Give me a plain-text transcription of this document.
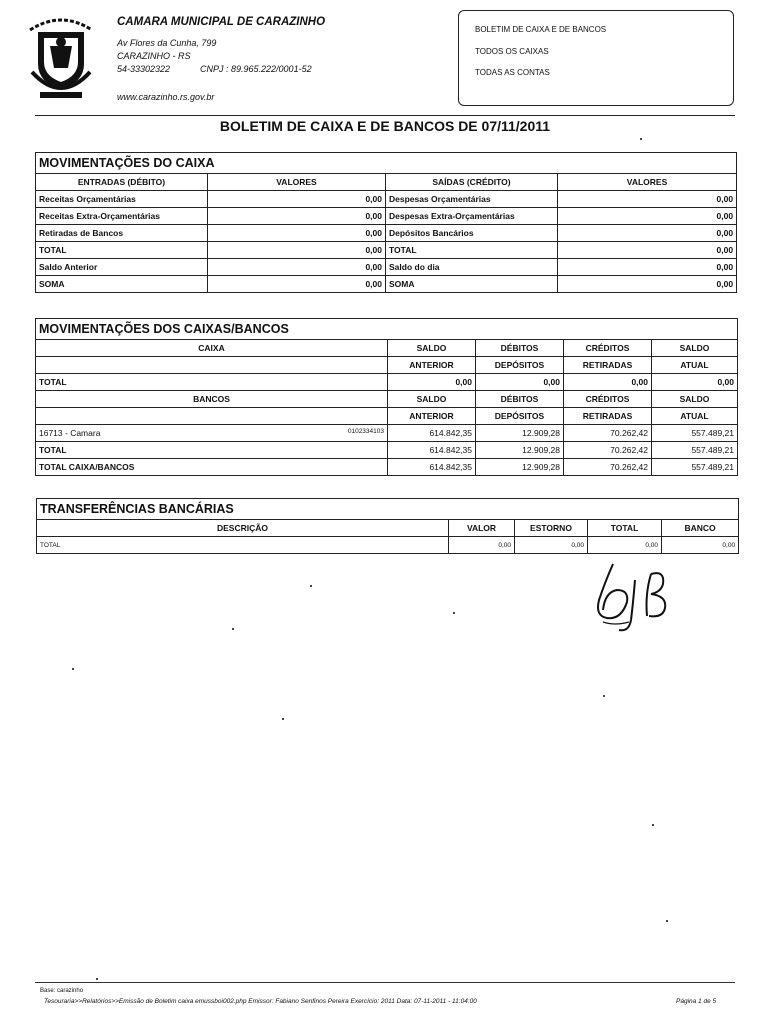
CAMARA MUNICIPAL DE CARAZINHO
Av Flores da Cunha, 799
CARAZINHO - RS
54-33302322	CNPJ : 89.965.222/0001-52
www.carazinho.rs.gov.br
BOLETIM DE CAIXA E DE BANCOS
TODOS OS CAIXAS
TODAS AS CONTAS
BOLETIM DE CAIXA E DE BANCOS DE 07/11/2011
MOVIMENTAÇÕES DO CAIXA			
ENTRADAS (DÉBITO)	VALORES	SAÍDAS (CRÉDITO)	VALORES
Receitas Orçamentárias	0,00	Despesas Orçamentárias	0,00
Receitas Extra-Orçamentárias	0,00	Despesas Extra-Orçamentárias	0,00
Retiradas de Bancos	0,00	Depósitos Bancários	0,00
TOTAL	0,00	TOTAL	0,00
Saldo Anterior	0,00	Saldo do dia	0,00
SOMA	0,00	SOMA	0,00
MOVIMENTAÇÕES DOS CAIXAS/BANCOS				
CAIXA	SALDO	DÉBITOS	CRÉDITOS	SALDO
	ANTERIOR	DEPÓSITOS	RETIRADAS	ATUAL
TOTAL	0,00	0,00	0,00	0,00
BANCOS	SALDO	DÉBITOS	CRÉDITOS	SALDO
	ANTERIOR	DEPÓSITOS	RETIRADAS	ATUAL
16713 - Camara 0102334103	614.842,35	12.909,28	70.262,42	557.489,21
TOTAL	614.842,35	12.909,28	70.262,42	557.489,21
TOTAL CAIXA/BANCOS	614.842,35	12.909,28	70.262,42	557.489,21
TRANSFERÊNCIAS BANCÁRIAS				
DESCRIÇÃO	VALOR	ESTORNO	TOTAL	BANCO
TOTAL	0,00	0,00	0,00	0,00
Base: carazinho
Tesouraria>>Relatórios>>Emissão de Boletim caixa emussboi002.php Emissor: Fabiano Senfinos Pereira Exercício: 2011 Data: 07-11-2011 - 11:04:00	Página 1 de 5
